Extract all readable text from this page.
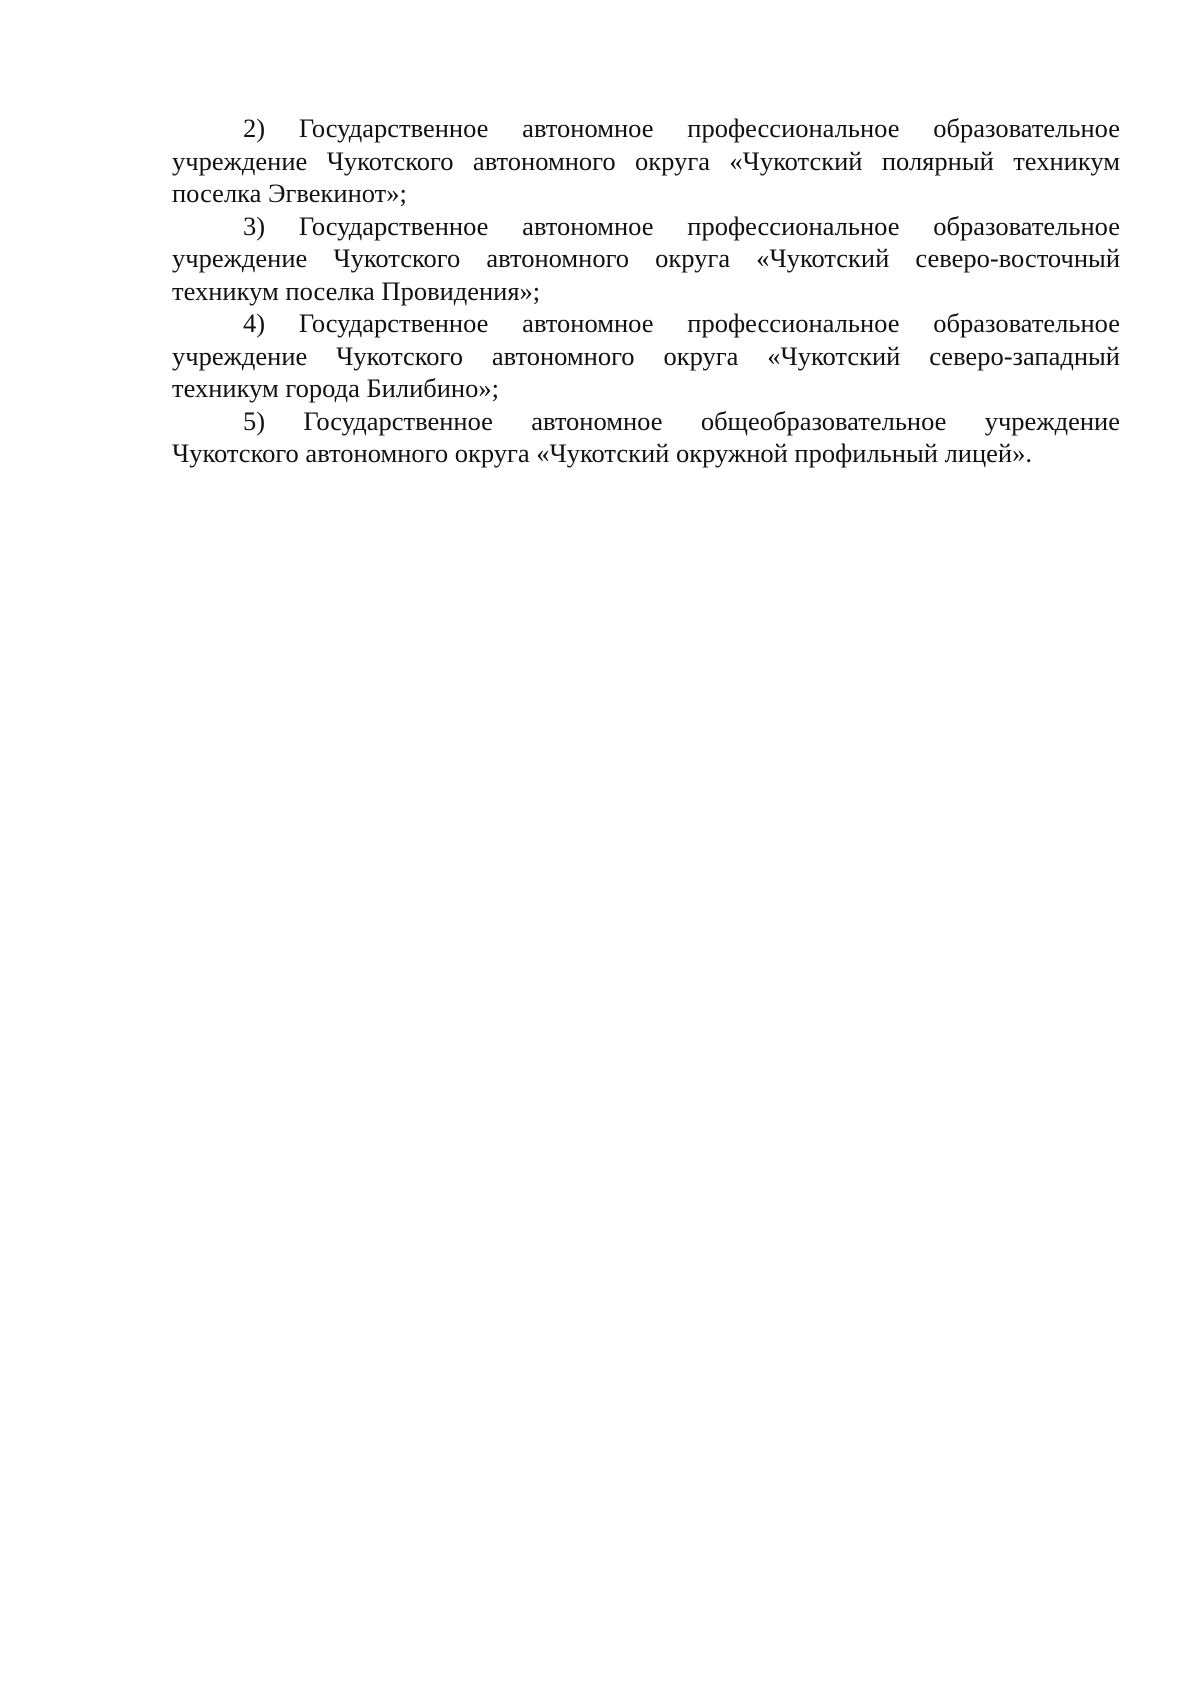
2) Государственное автономное профессиональное образовательное учреждение Чукотского автономного округа «Чукотский полярный техникум поселка Эгвекинот»;

3) Государственное автономное профессиональное образовательное учреждение Чукотского автономного округа «Чукотский северо-восточный техникум поселка Провидения»;

4) Государственное автономное профессиональное образовательное учреждение Чукотского автономного округа «Чукотский северо-западный техникум города Билибино»;

5) Государственное автономное общеобразовательное учреждение Чукотского автономного округа «Чукотский окружной профильный лицей».
